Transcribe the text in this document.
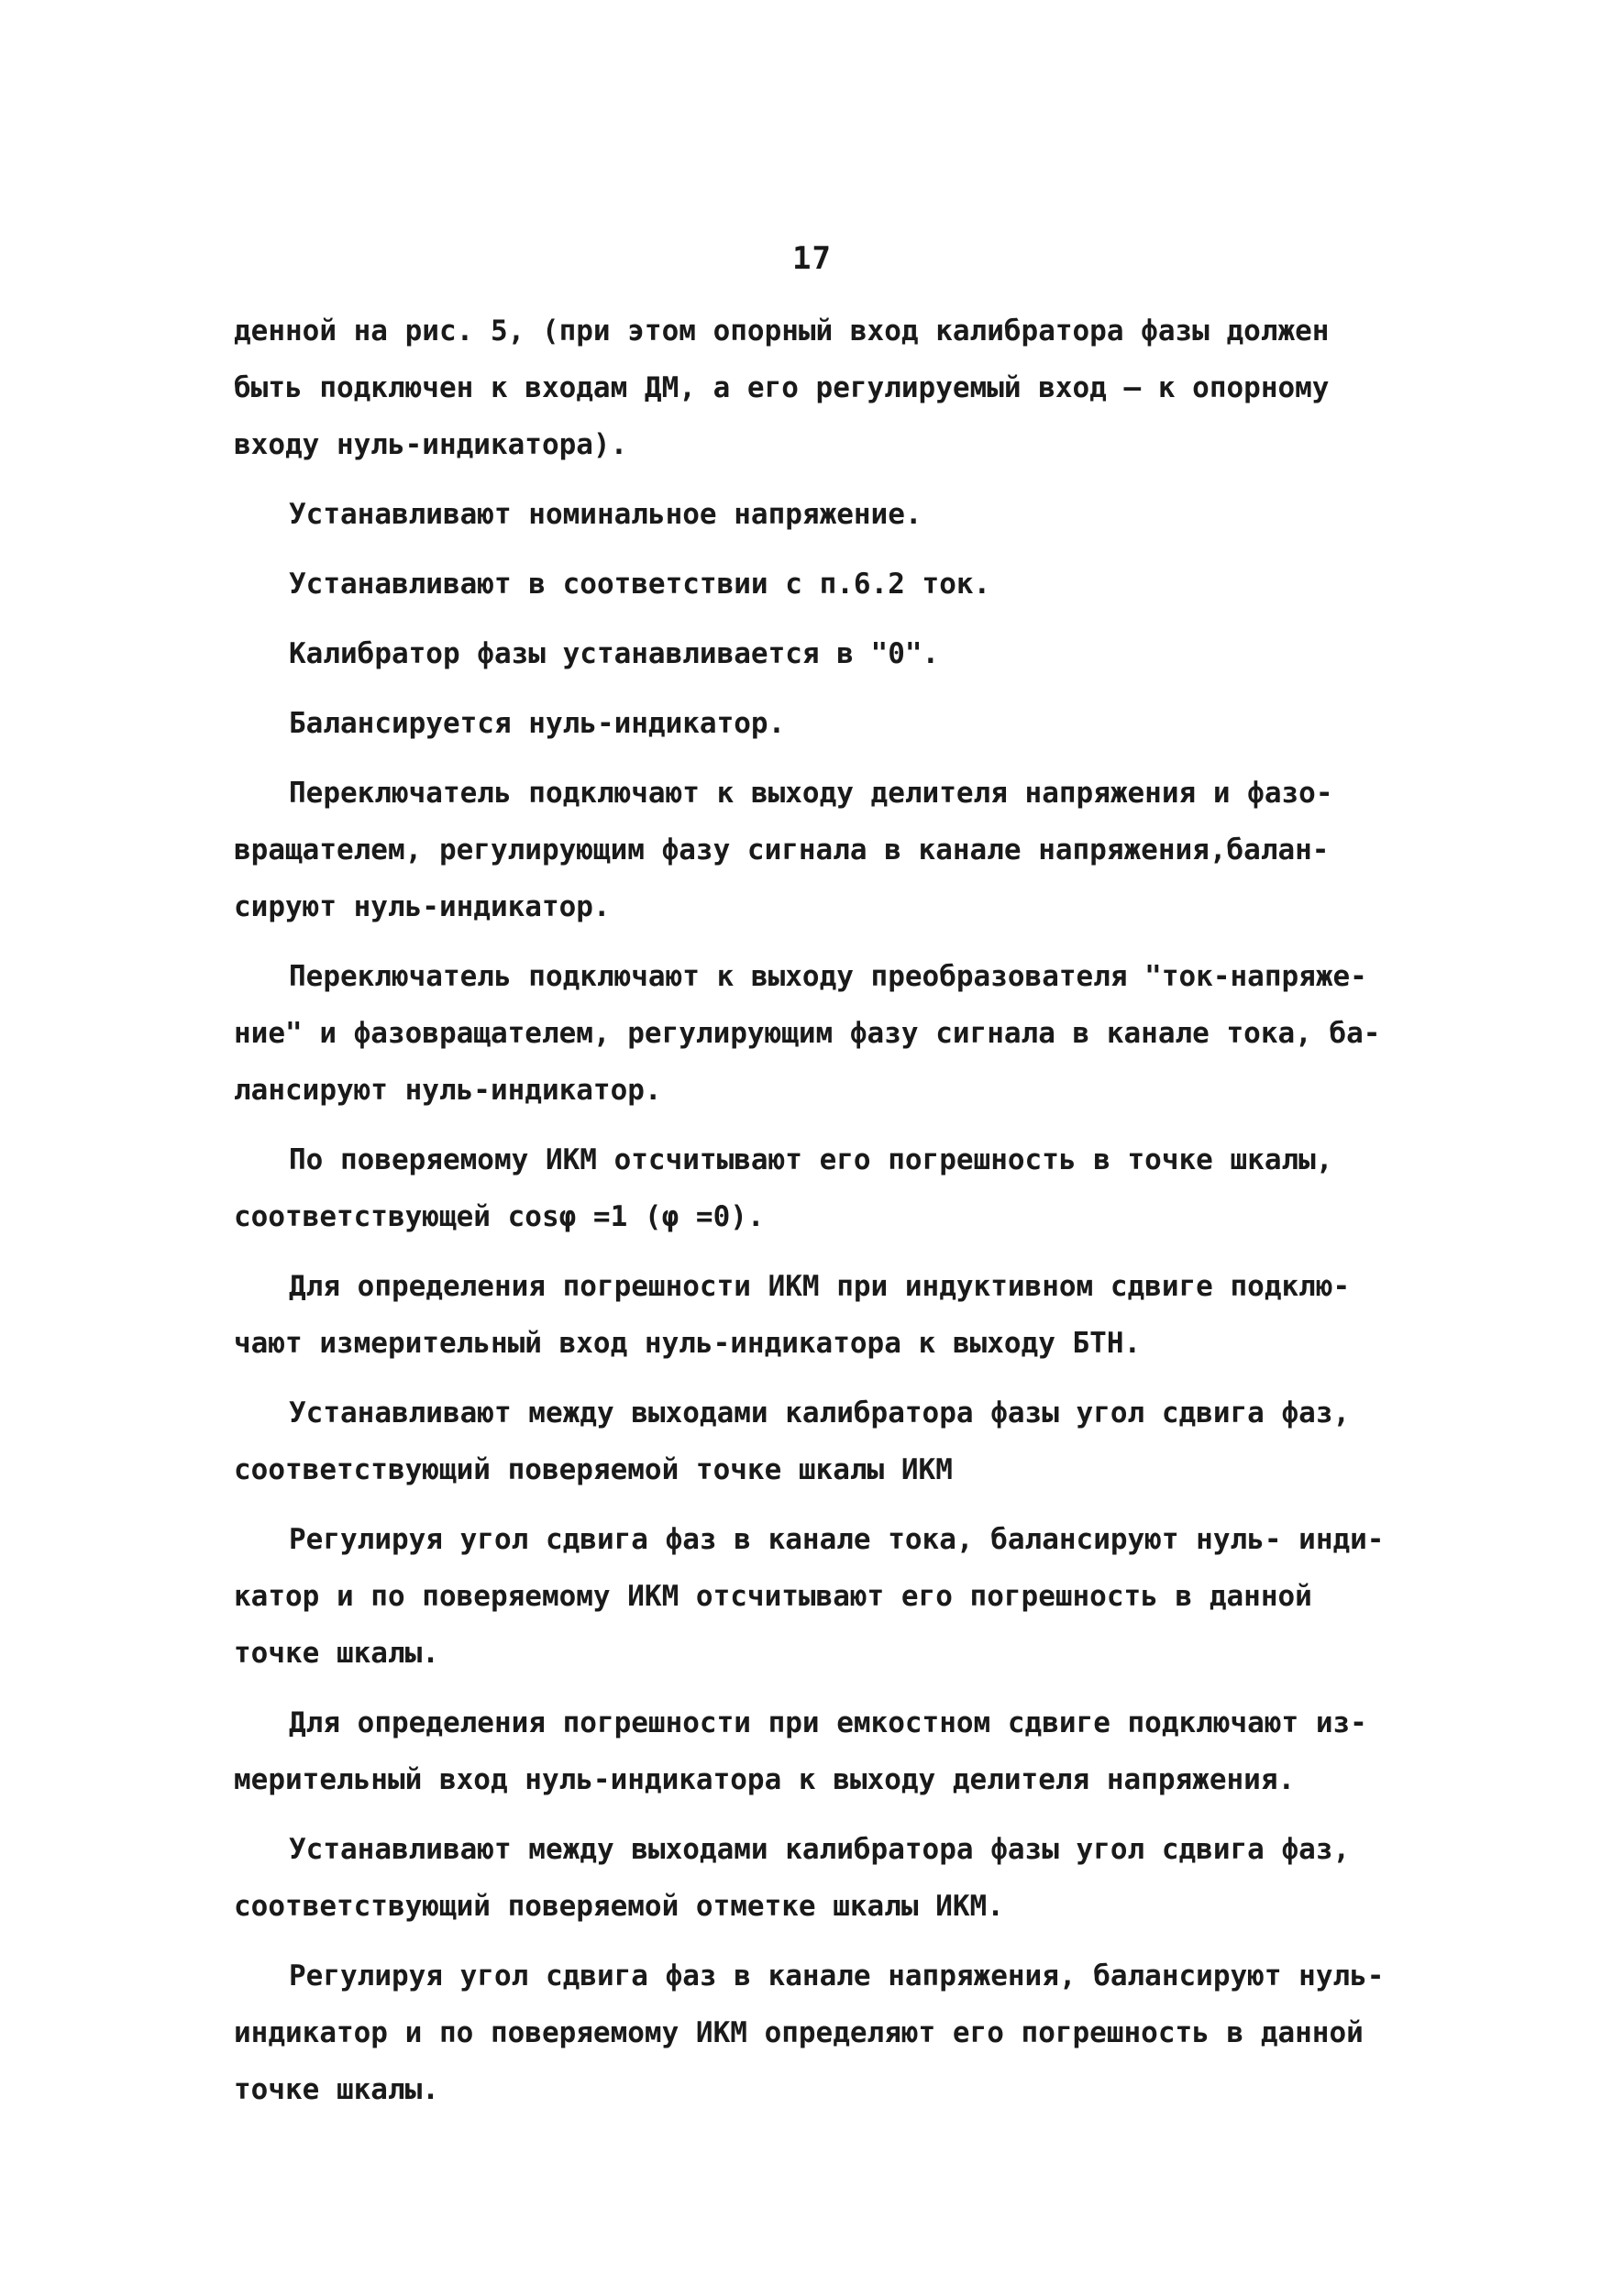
17
денной на рис. 5, (при этом опорный вход калибратора фазы должен
быть подключен к входам ДМ, а его регулируемый вход – к опорному
входу нуль-индикатора).
Устанавливают номинальное напряжение.
Устанавливают в соответствии с п.6.2 ток.
Калибратор фазы устанавливается в "0".
Балансируется нуль-индикатор.
Переключатель подключают к выходу делителя напряжения и фазо-
вращателем, регулирующим фазу сигнала в канале напряжения,балан-
сируют нуль-индикатор.
Переключатель подключают к выходу преобразователя "ток-напряже-
ние" и фазовращателем, регулирующим фазу сигнала в канале тока, ба-
лансируют нуль-индикатор.
По поверяемому ИКМ отсчитывают его погрешность в точке шкалы,
соответствующей cosφ =1 (φ =0).
Для определения погрешности ИКМ при индуктивном сдвиге подклю-
чают измерительный вход нуль-индикатора к выходу БТН.
Устанавливают между выходами калибратора фазы угол сдвига фаз,
соответствующий поверяемой точке шкалы ИКМ
Регулируя угол сдвига фаз в канале тока, балансируют нуль- инди-
катор и по поверяемому ИКМ отсчитывают его погрешность в данной
точке шкалы.
Для определения погрешности при емкостном сдвиге подключают из-
мерительный вход нуль-индикатора к выходу делителя напряжения.
Устанавливают между выходами калибратора фазы угол сдвига фаз,
соответствующий поверяемой отметке шкалы ИКМ.
Регулируя угол сдвига фаз в канале напряжения, балансируют нуль-
индикатор и по поверяемому ИКМ определяют его погрешность в данной
точке шкалы.
